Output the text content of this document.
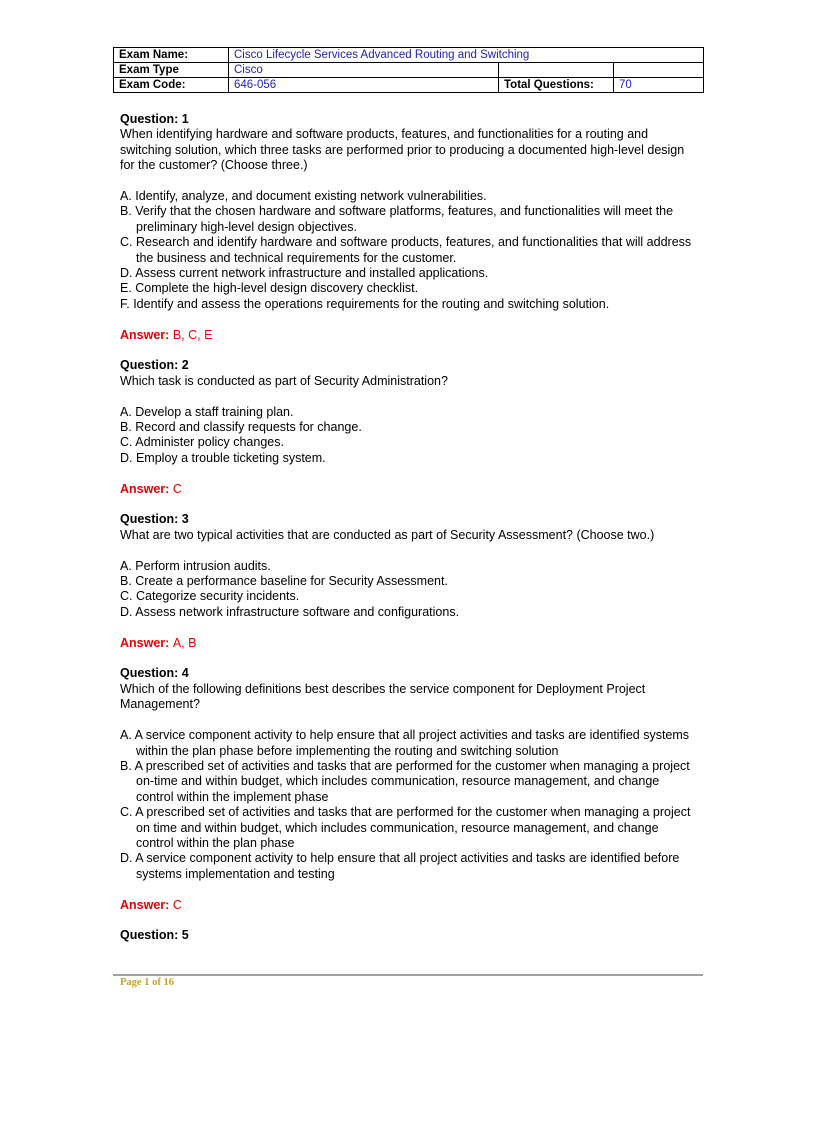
Exam Name:	Cisco Lifecycle Services Advanced Routing and Switching		
Exam Type	Cisco		
Exam Code:	646-056	Total Questions:	70

Question: 1

When identifying hardware and software products, features, and functionalities for a routing and switching solution, which three tasks are performed prior to producing a documented high-level design for the customer? (Choose three.)

A. Identify, analyze, and document existing network vulnerabilities.

B. Verify that the chosen hardware and software platforms, features, and functionalities will meet the preliminary high-level design objectives.

C. Research and identify hardware and software products, features, and functionalities that will address the business and technical requirements for the customer.

D. Assess current network infrastructure and installed applications.

E. Complete the high-level design discovery checklist.

F. Identify and assess the operations requirements for the routing and switching solution.

Answer: B, C, E

Question: 2

Which task is conducted as part of Security Administration?

A. Develop a staff training plan.

B. Record and classify requests for change.

C. Administer policy changes.

D. Employ a trouble ticketing system.

Answer: C

Question: 3

What are two typical activities that are conducted as part of Security Assessment? (Choose two.)

A. Perform intrusion audits.

B. Create a performance baseline for Security Assessment.

C. Categorize security incidents.

D. Assess network infrastructure software and configurations.

Answer: A, B

Question: 4

Which of the following definitions best describes the service component for Deployment Project Management?

A. A service component activity to help ensure that all project activities and tasks are identified systems within the plan phase before implementing the routing and switching solution

B. A prescribed set of activities and tasks that are performed for the customer when managing a project on-time and within budget, which includes communication, resource management, and change control within the implement phase

C. A prescribed set of activities and tasks that are performed for the customer when managing a project on time and within budget, which includes communication, resource management, and change control within the plan phase

D. A service component activity to help ensure that all project activities and tasks are identified before systems implementation and testing

Answer: C

Question: 5

Page 1 of 16
